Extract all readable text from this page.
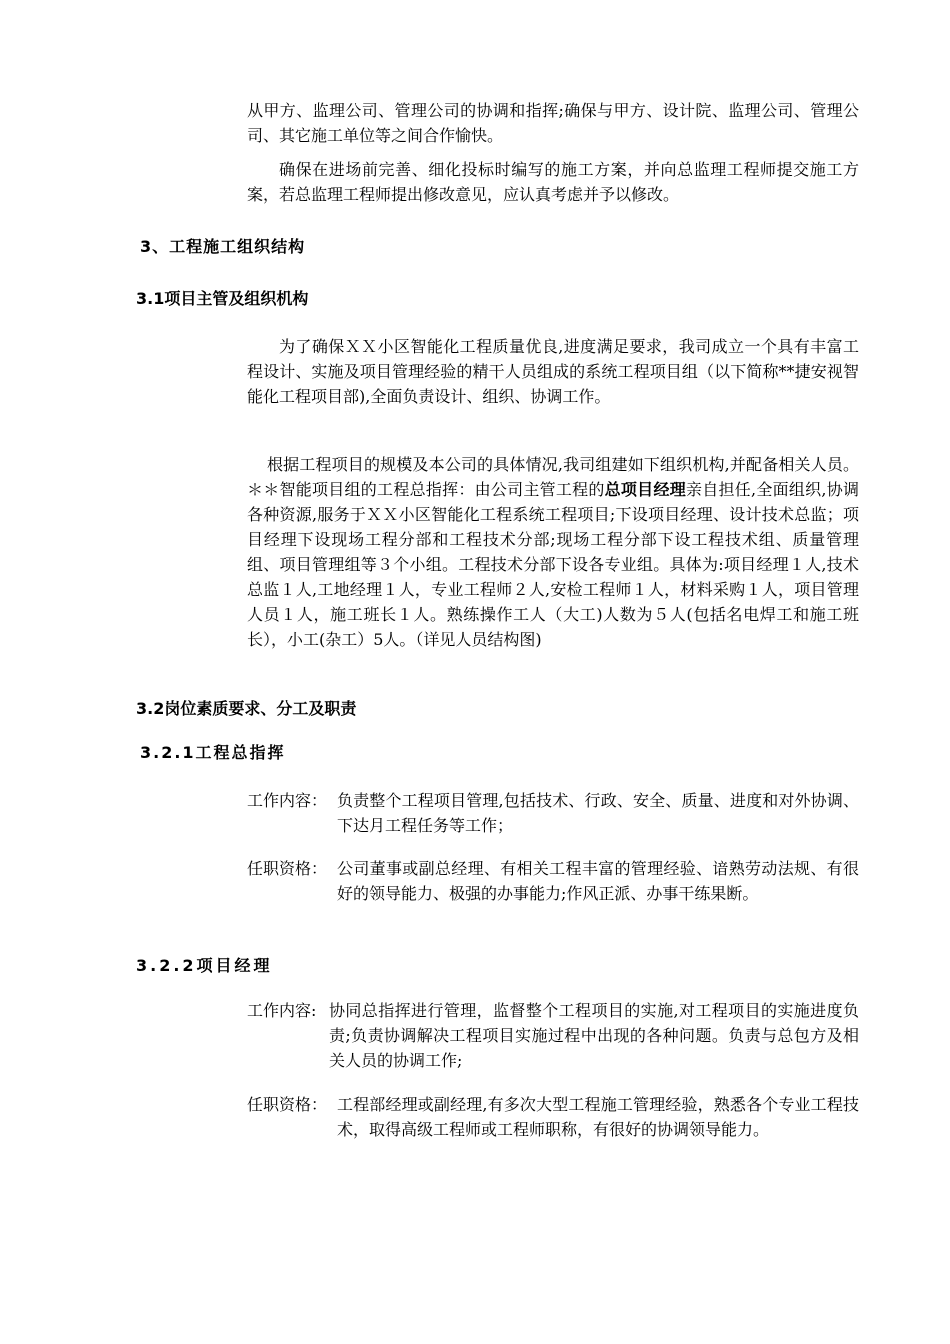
从甲方、监理公司、管理公司的协调和指挥;确保与甲方、设计院、监理公司、管理公司、其它施工单位等之间合作愉快。
确保在进场前完善、细化投标时编写的施工方案，并向总监理工程师提交施工方案，若总监理工程师提出修改意见，应认真考虑并予以修改。
3、工程施工组织结构
3.1项目主管及组织机构
为了确保ＸＸ小区智能化工程质量优良,进度满足要求，我司成立一个具有丰富工程设计、实施及项目管理经验的精干人员组成的系统工程项目组（以下简称**捷安视智能化工程项目部),全面负责设计、组织、协调工作。
根据工程项目的规模及本公司的具体情况,我司组建如下组织机构,并配备相关人员。＊＊智能项目组的工程总指挥：由公司主管工程的总项目经理亲自担任,全面组织,协调各种资源,服务于ＸＸ小区智能化工程系统工程项目;下设项目经理、设计技术总监；项目经理下设现场工程分部和工程技术分部;现场工程分部下设工程技术组、质量管理组、项目管理组等３个小组。工程技术分部下设各专业组。具体为:项目经理１人,技术总监１人,工地经理１人，专业工程师２人,安检工程师１人，材料采购１人，项目管理人员１人，施工班长１人。熟练操作工人（大工)人数为５人(包括名电焊工和施工班长），小工(杂工）5人。（详见人员结构图)
3.2岗位素质要求、分工及职责
3.2.1工程总指挥
工作内容： 负责整个工程项目管理,包括技术、行政、安全、质量、进度和对外协调、下达月工程任务等工作；
任职资格： 公司董事或副总经理、有相关工程丰富的管理经验、谙熟劳动法规、有很好的领导能力、极强的办事能力;作风正派、办事干练果断。
3.2.2项目经理
工作内容: 协同总指挥进行管理，监督整个工程项目的实施,对工程项目的实施进度负责;负责协调解决工程项目实施过程中出现的各种问题。负责与总包方及相关人员的协调工作;
任职资格： 工程部经理或副经理,有多次大型工程施工管理经验，熟悉各个专业工程技术，取得高级工程师或工程师职称，有很好的协调领导能力。
